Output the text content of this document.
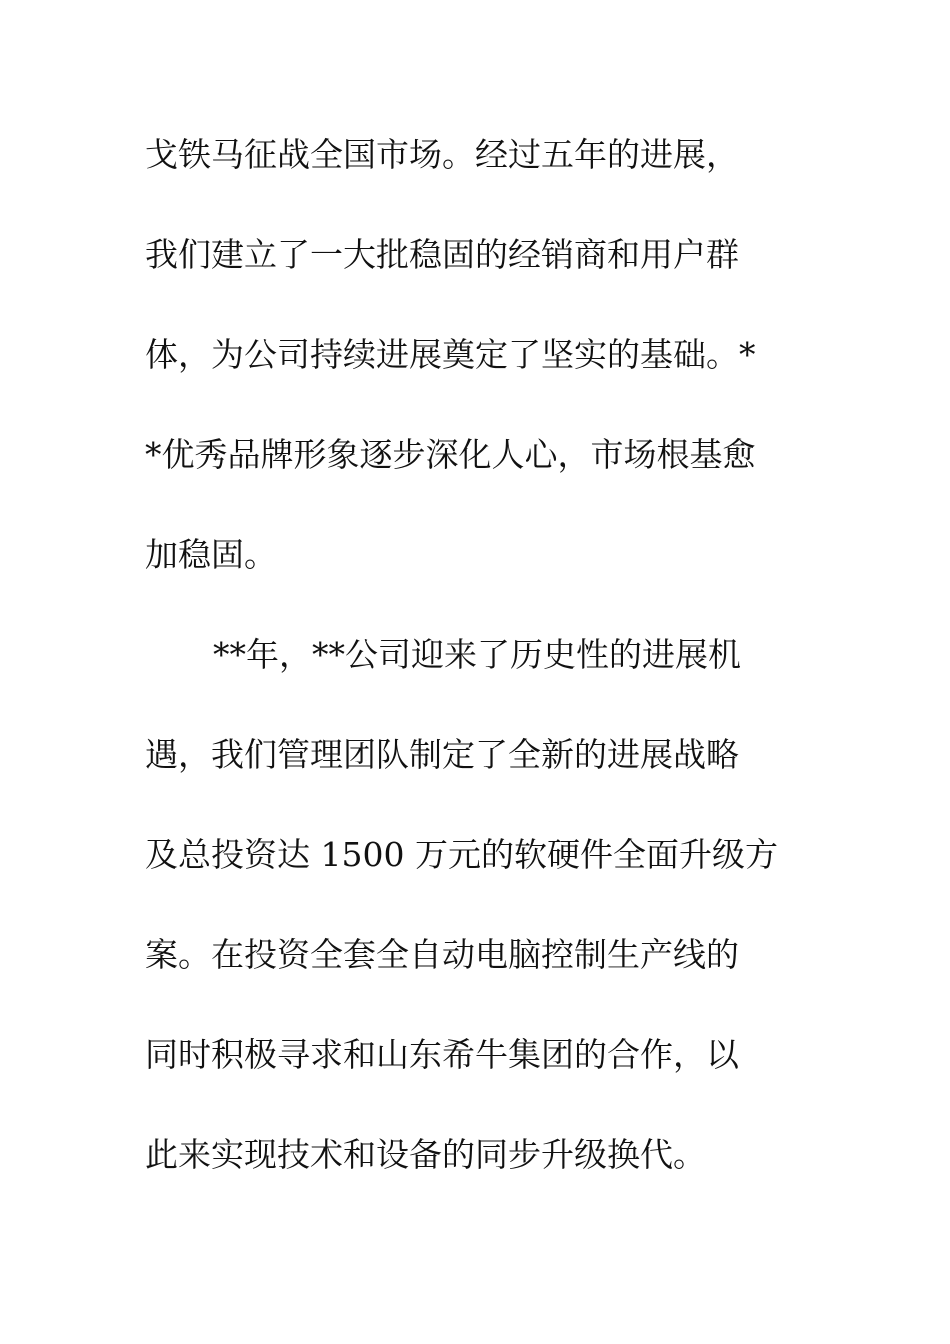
戈铁马征战全国市场。经过五年的进展，
我们建立了一大批稳固的经销商和用户群
体，为公司持续进展奠定了坚实的基础。*
*优秀品牌形象逐步深化人心，市场根基愈
加稳固。
**年，**公司迎来了历史性的进展机
遇，我们管理团队制定了全新的进展战略
及总投资达 1500 万元的软硬件全面升级方
案。在投资全套全自动电脑控制生产线的
同时积极寻求和山东希牛集团的合作，以
此来实现技术和设备的同步升级换代。
